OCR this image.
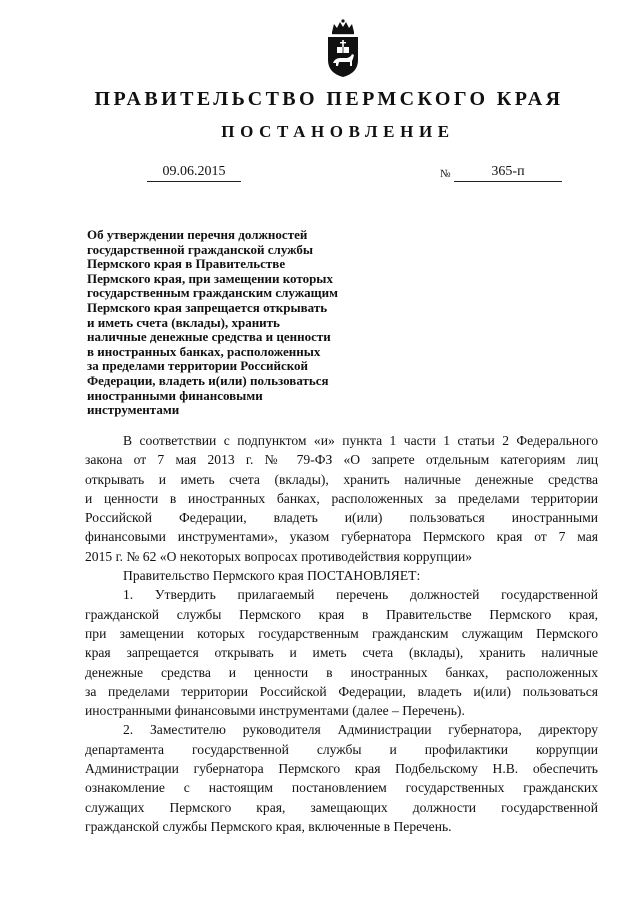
ПРАВИТЕЛЬСТВО ПЕРМСКОГО КРАЯ
ПОСТАНОВЛЕНИЕ
09.06.2015	№	365-п
Об утверждении перечня должностей
государственной гражданской службы
Пермского края в Правительстве
Пермского края, при замещении которых
государственным гражданским служащим
Пермского края запрещается открывать
и иметь счета (вклады), хранить
наличные денежные средства и ценности
в иностранных банках, расположенных
за пределами территории Российской
Федерации, владеть и(или) пользоваться
иностранными финансовыми
инструментами
В соответствии с подпунктом «и» пункта 1 части 1 статьи 2 Федерального
закона от 7 мая 2013 г. № 79-ФЗ «О запрете отдельным категориям лиц
открывать и иметь счета (вклады), хранить наличные денежные средства
и ценности в иностранных банках, расположенных за пределами территории
Российской Федерации, владеть и(или) пользоваться иностранными
финансовыми инструментами», указом губернатора Пермского края от 7 мая
2015 г. № 62 «О некоторых вопросах противодействия коррупции»

Правительство Пермского края ПОСТАНОВЛЯЕТ:

1. Утвердить прилагаемый перечень должностей государственной
гражданской службы Пермского края в Правительстве Пермского края,
при замещении которых государственным гражданским служащим Пермского
края запрещается открывать и иметь счета (вклады), хранить наличные
денежные средства и ценности в иностранных банках, расположенных
за пределами территории Российской Федерации, владеть и(или) пользоваться
иностранными финансовыми инструментами (далее – Перечень).
2. Заместителю руководителя Администрации губернатора, директору
департамента государственной службы и профилактики коррупции
Администрации губернатора Пермского края Подбельскому Н.В. обеспечить
ознакомление с настоящим постановлением государственных гражданских
служащих Пермского края, замещающих должности государственной
гражданской службы Пермского края, включенные в Перечень.
